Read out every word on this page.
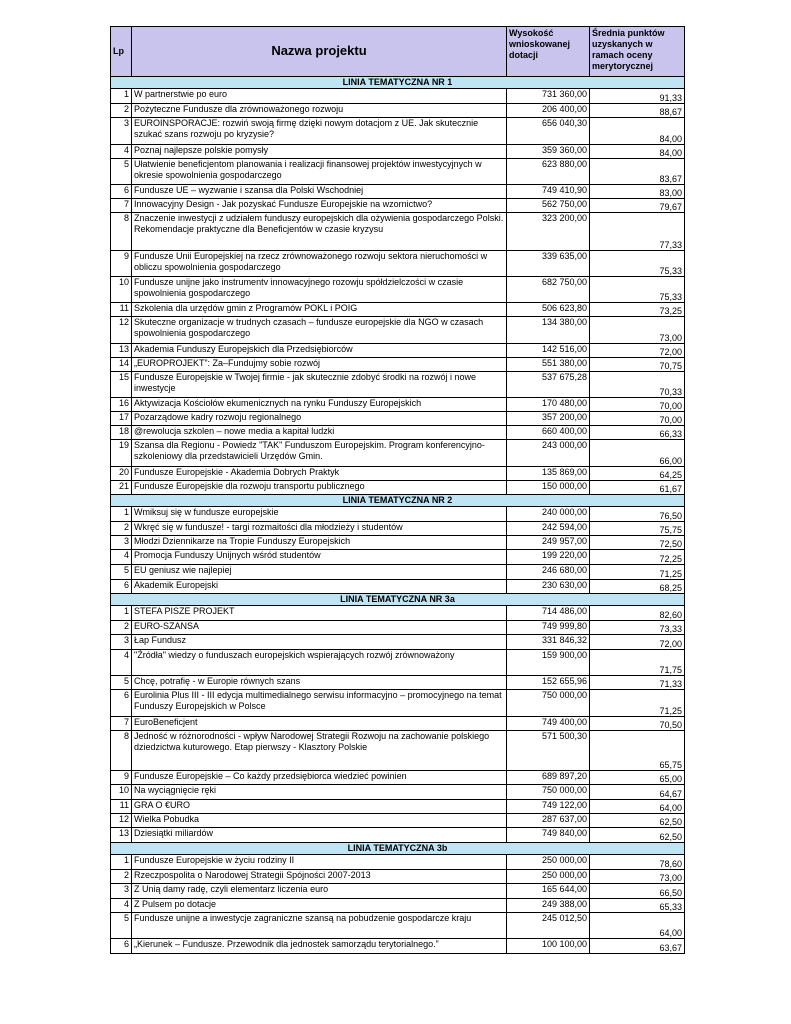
Lp	Nazwa projektu	Wysokość wnioskowanej dotacji	Średnia punktów uzyskanych w ramach oceny merytorycznej
LINIA TEMATYCZNA NR 1			
1	W partnerstwie po euro	731 360,00	91,33
2	Pożyteczne Fundusze dla zrównoważonego rozwoju	206 400,00	88,67
3	EUROINSPORACJE: rozwiń swoją firmę dzięki nowym dotacjom z UE. Jak skutecznie szukać szans rozwoju po kryzysie?	656 040,30	84,00
4	Poznaj najlepsze polskie pomysły	359 360,00	84,00
5	Ułatwienie beneficjentom planowania i realizacji finansowej projektów inwestycyjnych w okresie spowolnienia gospodarczego	623 880,00	83,67
6	Fundusze UE – wyzwanie i szansa dla Polski Wschodniej	749 410,90	83,00
7	Innowacyjny Design - Jak pozyskać Fundusze Europejskie na wzornictwo?	562 750,00	79,67
8	Znaczenie inwestycji z udziałem funduszy europejskich dla ożywienia gospodarczego Polski. Rekomendacje praktyczne dla Beneficjentów w czasie kryzysu	323 200,00	77,33
9	Fundusze Unii Europejskiej na rzecz zrównoważonego rozwoju sektora nieruchomości w obliczu spowolnienia gospodarczego	339 635,00	75,33
10	Fundusze unijne jako instrumentv innowacyjnego rozowju spółdzielczości w czasie spowolnienia gospodarczego	682 750,00	75,33
11	Szkolenia dla urzędów gmin z Programów POKL i POIG	506 623,80	73,25
12	Skuteczne organizacje w trudnych czasach – fundusze europejskie dla NGO w czasach spowolnienia gospodarczego	134 380,00	73,00
13	Akademia Funduszy Europejskich dla Przedsiębiorców	142 516,00	72,00
14	„EUROPROJEKT”: Za–Fundujmy sobie rozwój	551 380,00	70,75
15	Fundusze Europejskie w Twojej firmie - jak skutecznie zdobyć środki na rozwój i nowe inwestycje	537 675,28	70,33
16	Aktywizacja Kościołów ekumenicznych na rynku Funduszy Europejskich	170 480,00	70,00
17	Pozarządowe kadry rozwoju regionalnego	357 200,00	70,00
18	@rewolucja szkolen – nowe media a kapitał ludzki	660 400,00	66,33
19	Szansa dla Regionu - Powiedz "TAK" Funduszom Europejskim. Program konferencyjno-szkoleniowy dla przedstawicieli Urzędów Gmin.	243 000,00	66,00
20	Fundusze Europejskie - Akademia Dobrych Praktyk	135 869,00	64,25
21	Fundusze Europejskie dla rozwoju transportu publicznego	150 000,00	61,67
LINIA TEMATYCZNA NR 2			
1	Wmiksuj się w fundusze europejskie	240 000,00	76,50
2	Wkręć się w fundusze! - targi rozmaitości dla młodzieży i studentów	242 594,00	75,75
3	Młodzi Dziennikarze na Tropie Funduszy Europejskich	249 957,00	72,50
4	Promocja Funduszy Unijnych wśród studentów	199 220,00	72,25
5	EU geniusz wie najlepiej	246 680,00	71,25
6	Akademik Europejski	230 630,00	68,25
LINIA TEMATYCZNA NR 3a			
1	STEFA PISZE PROJEKT	714 486,00	82,60
2	EURO-SZANSA	749 999,80	73,33
3	Łap Fundusz	331 846,32	72,00
4	"Źródła" wiedzy o funduszach europejskich wspierających rozwój zrównoważony	159 900,00	71,75
5	Chcę, potrafię - w Europie równych szans	152 655,96	71,33
6	Eurolinia Plus III - III edycja multimedialnego serwisu informacyjno – promocyjnego na temat Funduszy Europejskich w Polsce	750 000,00	71,25
7	EuroBeneficjent	749 400,00	70,50
8	Jedność w różnorodności - wpływ Narodowej Strategii Rozwoju na zachowanie polskiego dziedzictwa kuturowego. Etap pierwszy - Klasztory Polskie	571 500,30	65,75
9	Fundusze Europejskie – Co każdy przedsiębiorca wiedzieć powinien	689 897,20	65,00
10	Na wyciągnięcie ręki	750 000,00	64,67
11	GRA O €URO	749 122,00	64,00
12	Wielka Pobudka	287 637,00	62,50
13	Dziesiątki miliardów	749 840,00	62,50
LINIA TEMATYCZNA 3b			
1	Fundusze Europejskie w życiu rodziny II	250 000,00	78,60
2	Rzeczpospolita o Narodowej Strategii Spójności 2007-2013	250 000,00	73,00
3	Z Unią damy radę, czyli elementarz liczenia euro	165 644,00	66,50
4	Z Pulsem po dotacje	249 388,00	65,33
5	Fundusze unijne a inwestycje zagraniczne szansą na pobudzenie gospodarcze kraju	245 012,50	64,00
6	„Kierunek – Fundusze. Przewodnik dla jednostek samorządu terytorialnego.”	100 100,00	63,67
